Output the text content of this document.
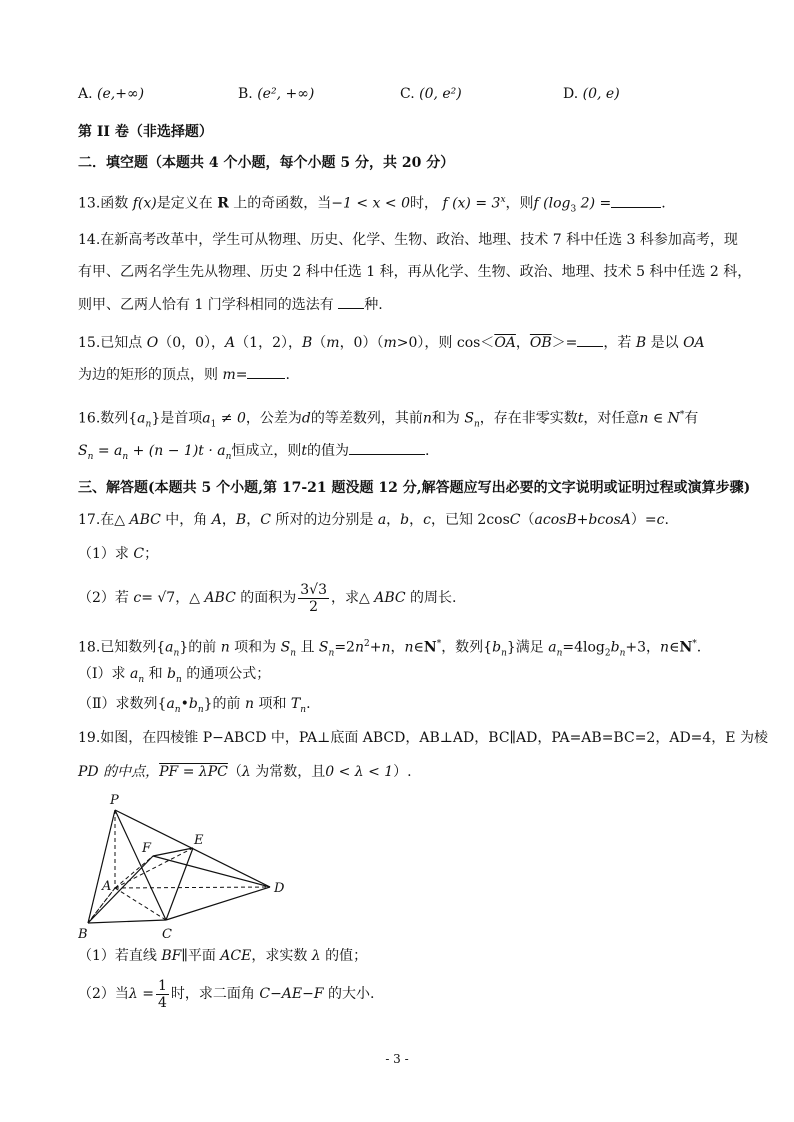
A. (e,+∞)	B. (e², +∞)	C. (0, e²)	D. (0, e)
第 II 卷（非选择题）
二．填空题（本题共 4 个小题，每个小题 5 分，共 20 分）
13.函数 f(x)是定义在 R 上的奇函数，当−1 < x < 0时， f $(x) = 3^x$，则f ($\log_3$ 2) =	.
14.在新高考改革中，学生可从物理、历史、化学、生物、政治、地理、技术 7 科中任选 3 科参加高考，现
有甲、乙两名学生先从物理、历史 2 科中任选 1 科，再从化学、生物、政治、地理、技术 5 科中任选 2 科，
则甲、乙两人恰有 1 门学科相同的选法有 种.
15.已知点 O（0，0），A（1，2），B（m，0）（m>0），则 $\cos<\overline{OA}$，$\overline{OB}>=$ ，若 B 是以 OA
为边的矩形的顶点，则 m=	.
16.数列$\{a_n\}$是首项$a_1 \ne 0$，公差为d的等差数列，其前n和为 $S_n$，存在非零实数t，对任意n ∈ N*有
$S_n = a_n + (n - 1)t \cdot a_n$恒成立，则t的值为	.
三、解答题(本题共 5 个小题,第 17-21 题没题 12 分,解答题应写出必要的文字说明或证明过程或演算步骤)
17.在△ ABC 中，角 A，B，C 所对的边分别是 a，b，c，已知 2cosC（acosB+bcosA）=c.
（1）求 C；
（2）若 c= √7，△ ABC 的面积为 $\frac{3√3}{2}$ ，求△ ABC 的周长.
18.已知数列$\{a_n\}$的前 n 项和为 $S_n$ 且 $S_n=2n^2+n$，n∈N*，数列$\{b_n\}$满足 $a_n=4\log_2b_n+3$，n∈N*.
（Ⅰ）求 $a_n$ 和 $b_n$ 的通项公式；
（Ⅱ）求数列$\{a_n•b_n\}$的前 n 项和 $T_n$.
19.如图，在四棱锥 P−ABCD 中，PA⊥底面 ABCD，AB⊥AD，BC∥AD，PA=AB=BC=2，AD=4，E 为棱
PD 的中点，PF = λPC（λ 为常数，且0 < λ < 1）.
P
F
E
A	D
B	C
（1）若直线 BF∥平面 ACE，求实数 λ 的值；
（2）当$\lambda = \frac{1}{4}$ 时，求二面角 C−AE−F 的大小.
- 3 -
